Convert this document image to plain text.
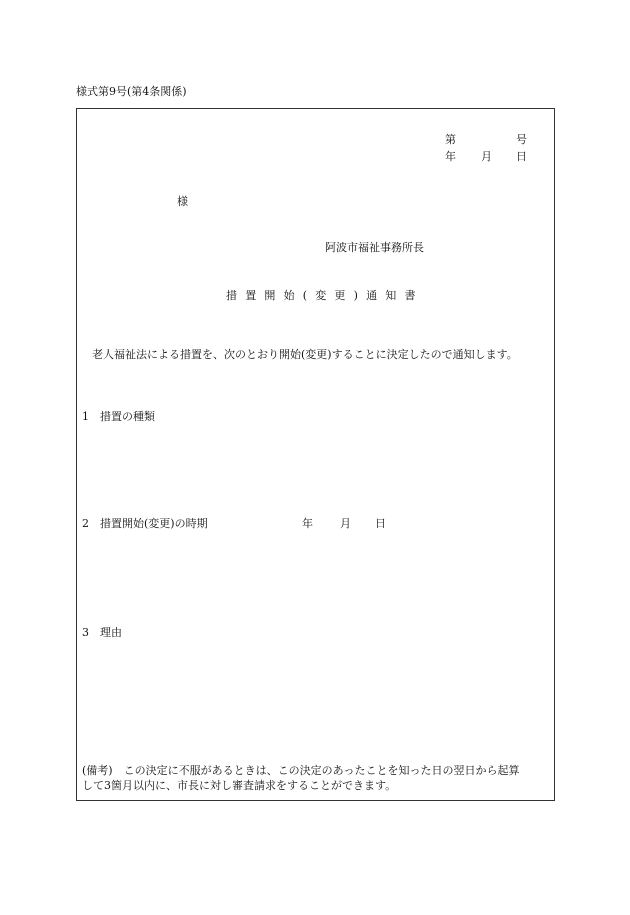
様式第9号(第4条関係)
第	号
年 月 日
様
阿波市福祉事務所長
措 置 開 始 ( 変 更 ) 通 知 書
老人福祉法による措置を、次のとおり開始(変更)することに決定したので通知します。
1　措置の種類
2　措置開始(変更)の時期	年 月 日
3　理由
(備考)　この決定に不服があるときは、この決定のあったことを知った日の翌日から起算
して3箇月以内に、市長に対し審査請求をすることができます。
